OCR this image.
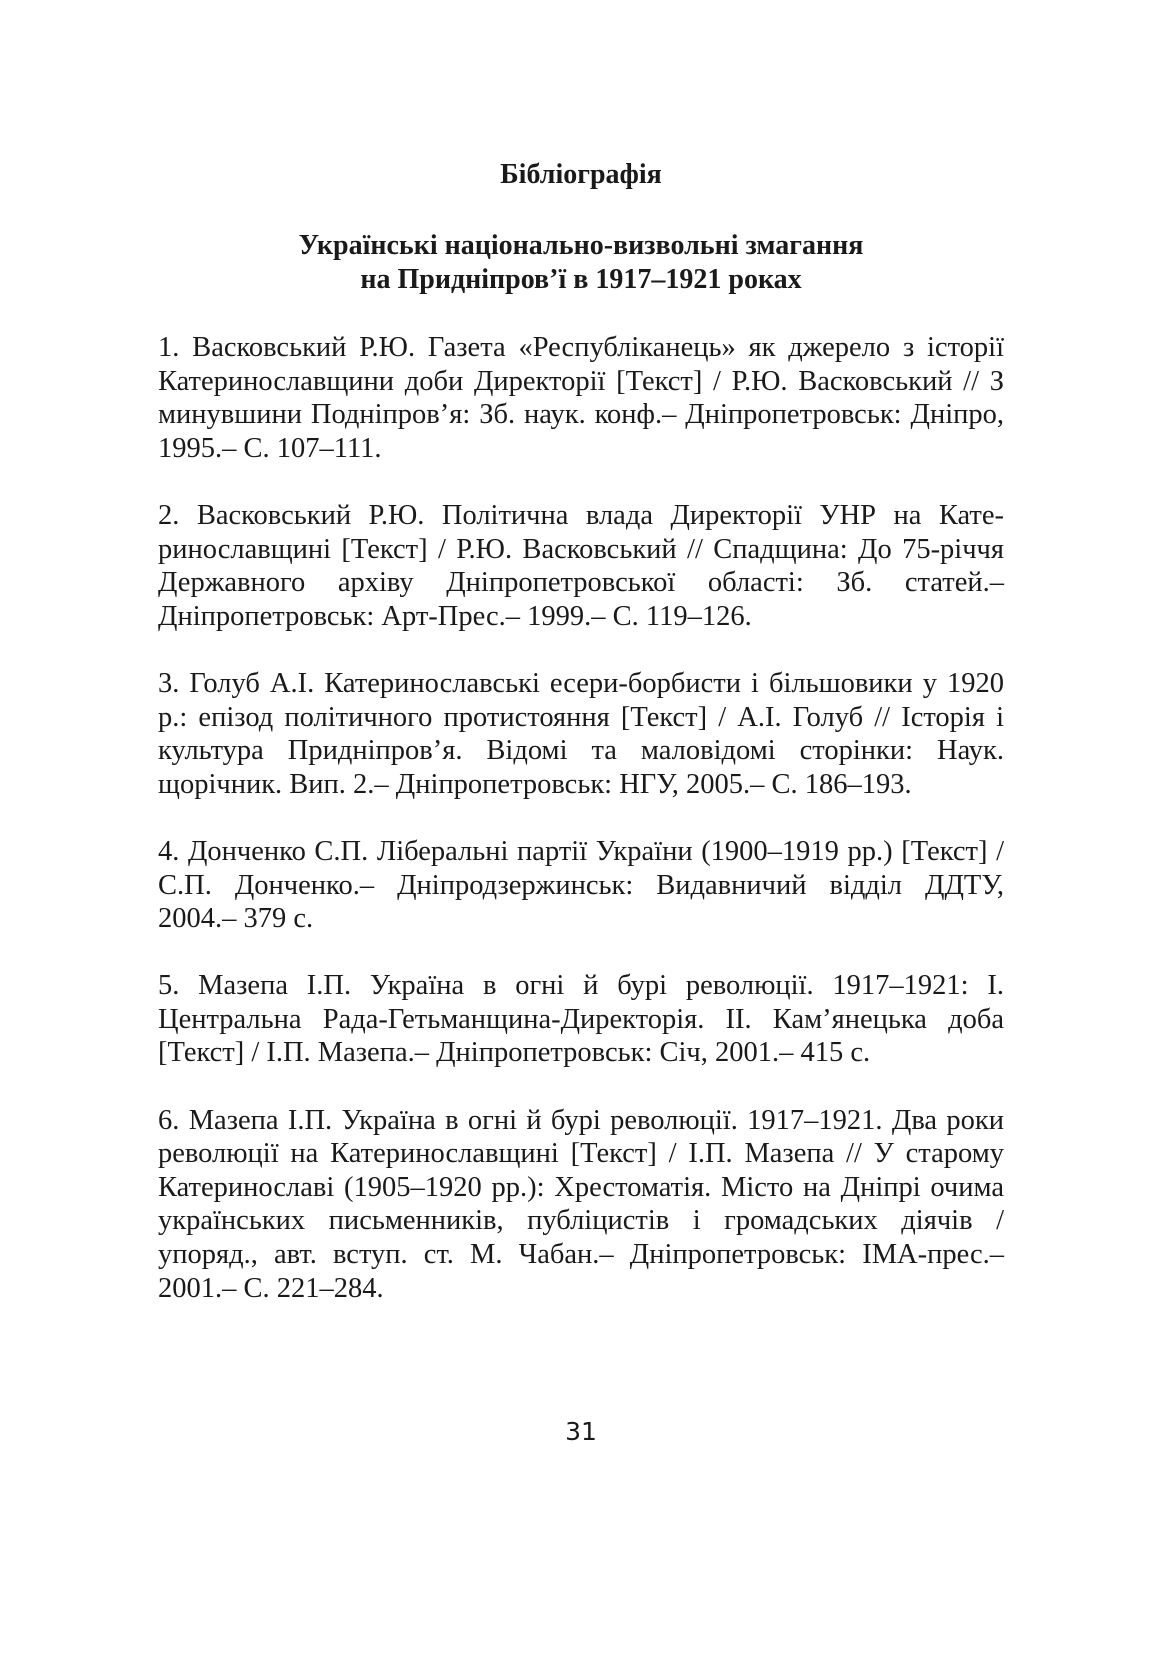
Бібліографія
Українські національно-визвольні змагання
на Придніпров’ї в 1917–1921 роках

1. Васковський Р.Ю. Газета «Республіканець» як джерело з історії Катеринославщини доби Директорії [Текст] / Р.Ю. Васковський // З минувшини Подніпров’я: Зб. наук. конф.– Дніпропетровськ: Дніпро, 1995.– С. 107–111.

2. Васковський Р.Ю. Політична влада Директорії УНР на Катеринославщині [Текст] / Р.Ю. Васковський // Спадщина: До 75-річчя Державного архіву Дніпропетровської області: Зб. статей.– Дніпропетровськ: Арт-Прес.– 1999.– С. 119–126.

3. Голуб А.І. Катеринославські есери-борбисти і більшовики у 1920 р.: епізод політичного протистояння [Текст] / А.І. Голуб // Історія і культура Придніпров’я. Відомі та маловідомі сторінки: Наук. щорічник. Вип. 2.– Дніпропетровськ: НГУ, 2005.– С. 186–193.

4. Донченко С.П. Ліберальні партії України (1900–1919 рр.) [Текст] / С.П. Донченко.– Дніпродзержинськ: Видавничий відділ ДДТУ, 2004.– 379 с.

5. Мазепа І.П. Україна в огні й бурі революції. 1917–1921: І. Центральна Рада-Гетьманщина-Директорія. ІІ. Кам’янецька доба [Текст] / І.П. Мазепа.– Дніпропетровськ: Січ, 2001.– 415 с.

6. Мазепа І.П. Україна в огні й бурі революції. 1917–1921. Два роки революції на Катеринославщині [Текст] / І.П. Мазепа // У старому Катеринославі (1905–1920 рр.): Хрестоматія. Місто на Дніпрі очима українських письменників, публіцистів і громадських діячів / упоряд., авт. вступ. ст. М. Чабан.– Дніпропетровськ: ІМА-прес.– 2001.– С. 221–284.

31
